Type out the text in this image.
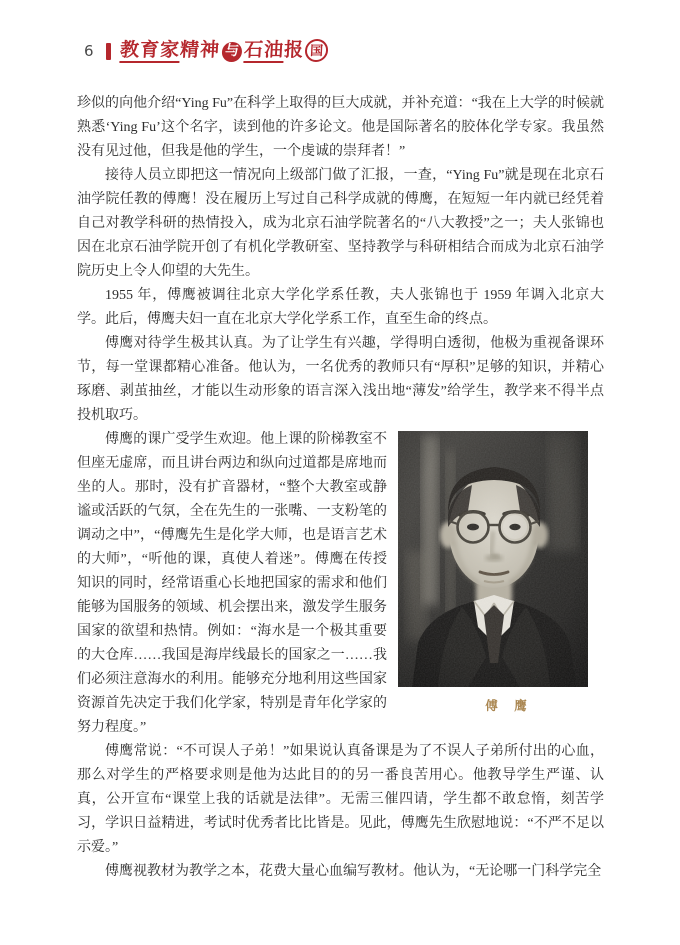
6 教育家精神 与 石油报 国
珍似的向他介绍“Ying Fu”在科学上取得的巨大成就，并补充道：“我在上大学的时候就熟悉‘Ying Fu’这个名字，读到他的许多论文。他是国际著名的胶体化学专家。我虽然没有见过他，但我是他的学生，一个虔诚的崇拜者！”
接待人员立即把这一情况向上级部门做了汇报，一查，“Ying Fu”就是现在北京石油学院任教的傅鹰！没在履历上写过自己科学成就的傅鹰，在短短一年内就已经凭着自己对教学科研的热情投入，成为北京石油学院著名的“八大教授”之一；夫人张锦也因在北京石油学院开创了有机化学教研室、坚持教学与科研相结合而成为北京石油学院历史上令人仰望的大先生。
1955 年，傅鹰被调往北京大学化学系任教，夫人张锦也于 1959 年调入北京大学。此后，傅鹰夫妇一直在北京大学化学系工作，直至生命的终点。
傅鹰对待学生极其认真。为了让学生有兴趣，学得明白透彻，他极为重视备课环节，每一堂课都精心准备。他认为，一名优秀的教师只有“厚积”足够的知识，并精心琢磨、剥茧抽丝，才能以生动形象的语言深入浅出地“薄发”给学生，教学来不得半点投机取巧。
傅　鹰
傅鹰的课广受学生欢迎。他上课的阶梯教室不但座无虚席，而且讲台两边和纵向过道都是席地而坐的人。那时，没有扩音器材，“整个大教室或静谧或活跃的气氛，全在先生的一张嘴、一支粉笔的调动之中”，“傅鹰先生是化学大师，也是语言艺术的大师”，“听他的课，真使人着迷”。傅鹰在传授知识的同时，经常语重心长地把国家的需求和他们能够为国服务的领域、机会摆出来，激发学生服务国家的欲望和热情。例如：“海水是一个极其重要的大仓库……我国是海岸线最长的国家之一……我们必须注意海水的利用。能够充分地利用这些国家资源首先决定于我们化学家，特别是青年化学家的努力程度。”
傅鹰常说：“不可误人子弟！”如果说认真备课是为了不误人子弟所付出的心血，那么对学生的严格要求则是他为达此目的的另一番良苦用心。他教导学生严谨、认真，公开宣布“课堂上我的话就是法律”。无需三催四请，学生都不敢怠惰，刻苦学习，学识日益精进，考试时优秀者比比皆是。见此，傅鹰先生欣慰地说：“不严不足以示爱。”
傅鹰视教材为教学之本，花费大量心血编写教材。他认为，“无论哪一门科学完全
